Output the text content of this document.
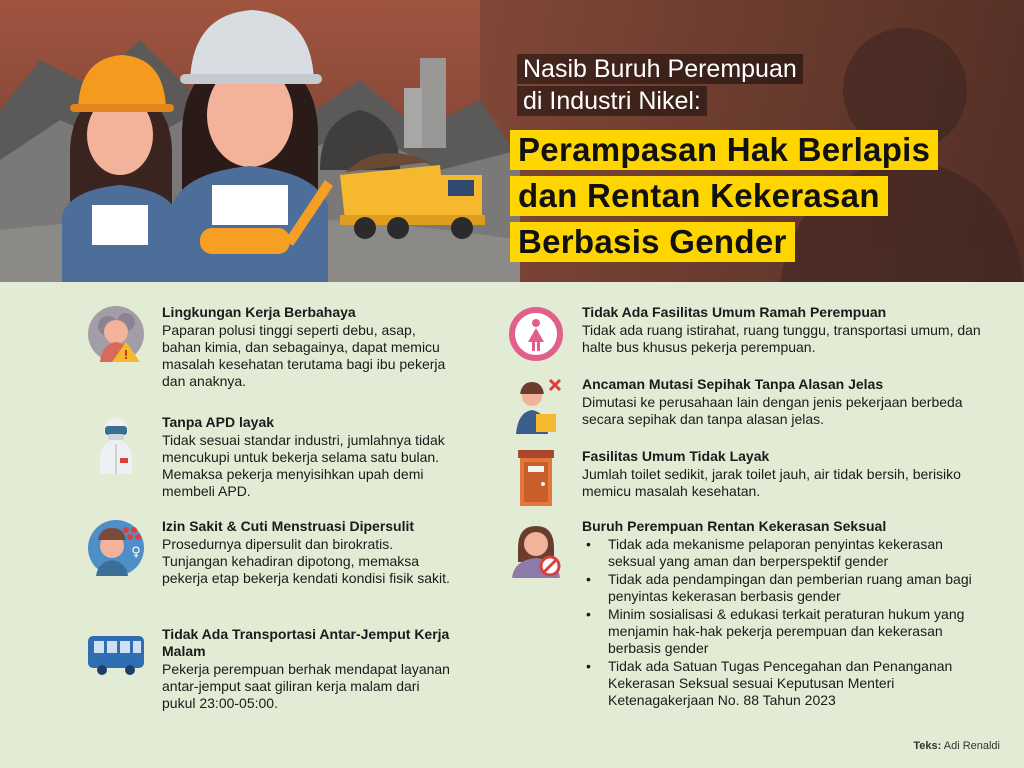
Nasib Buruh Perempuan
di Industri Nikel:
Perampasan Hak Berlapis
dan Rentan Kekerasan
Berbasis Gender
!
Lingkungan Kerja Berbahaya
Paparan polusi tinggi seperti debu, asap, bahan kimia, dan sebagainya, dapat memicu masalah kesehatan terutama bagi ibu pekerja dan anaknya.
Tanpa APD layak
Tidak sesuai standar industri, jumlahnya tidak mencukupi untuk bekerja selama satu bulan. Memaksa pekerja menyisihkan upah demi membeli APD.
♀
Izin Sakit & Cuti Menstruasi Dipersulit
Prosedurnya dipersulit dan birokratis. Tunjangan kehadiran dipotong, memaksa pekerja etap bekerja kendati kondisi fisik sakit.
Tidak Ada Transportasi Antar-Jemput Kerja Malam
Pekerja perempuan berhak mendapat layanan antar-jemput saat giliran kerja malam dari pukul 23:00-05:00.
Tidak Ada Fasilitas Umum Ramah Perempuan
Tidak ada ruang istirahat, ruang tunggu, transportasi umum, dan halte bus khusus pekerja perempuan.
Ancaman Mutasi Sepihak Tanpa Alasan Jelas
Dimutasi ke perusahaan lain dengan jenis pekerjaan berbeda secara sepihak dan tanpa alasan jelas.
Fasilitas Umum Tidak Layak
Jumlah toilet sedikit, jarak toilet jauh, air tidak bersih, berisiko memicu masalah kesehatan.
Buruh Perempuan Rentan Kekerasan Seksual
• Tidak ada mekanisme pelaporan penyintas kekerasan seksual yang aman dan berperspektif gender
• Tidak ada pendampingan dan pemberian ruang aman bagi penyintas kekerasan berbasis gender
• Minim sosialisasi & edukasi terkait peraturan hukum yang menjamin hak-hak pekerja perempuan dan kekerasan berbasis gender
• Tidak ada Satuan Tugas Pencegahan dan Penanganan Kekerasan Seksual sesuai Keputusan Menteri Ketenagakerjaan No. 88 Tahun 2023
Teks: Adi Renaldi
